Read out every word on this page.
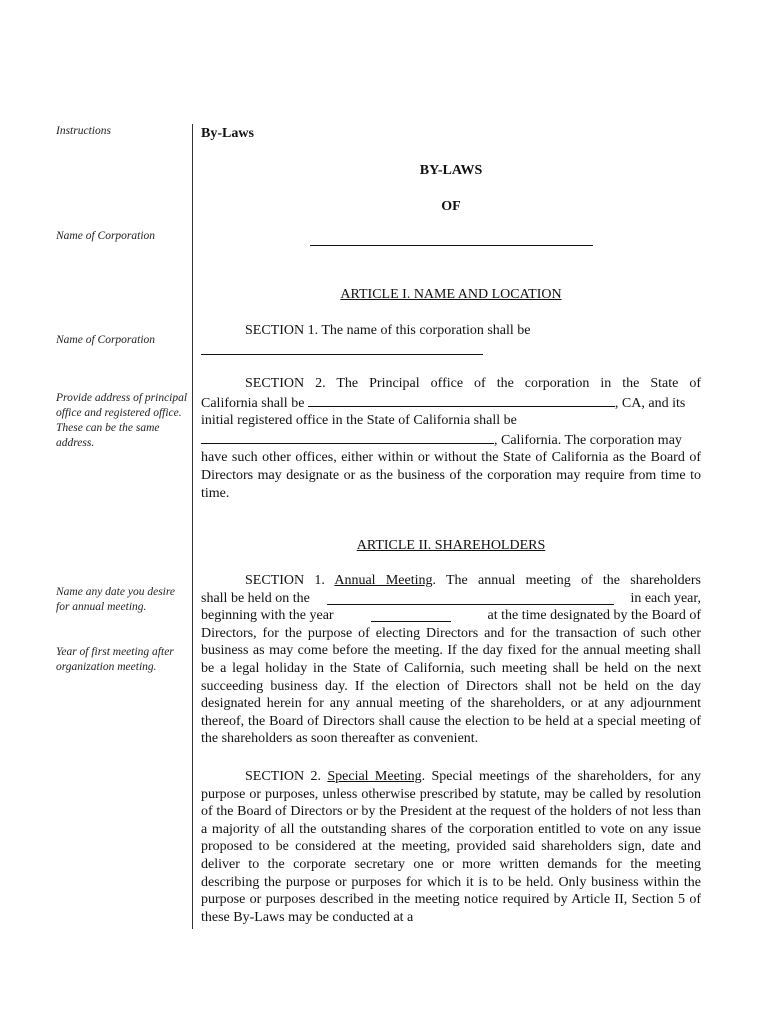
Instructions
Name of Corporation
Name of Corporation
Provide address of principal office and registered office. These can be the same address.
Name any date you desire for annual meeting.
Year of first meeting after organization meeting.
By-Laws
BY-LAWS
OF
ARTICLE I. NAME AND LOCATION
SECTION 1. The name of this corporation shall be

SECTION 2. The Principal office of the corporation in the State of

California shall be	, CA, and its

initial registered office in the State of California shall be

, California. The corporation may

have such other offices, either within or without the State of California as the Board of Directors may designate or as the business of the corporation may require from time to time.

ARTICLE II. SHAREHOLDERS

SECTION 1. Annual Meeting. The annual meeting of the shareholders

shall be held on the	in each year,

beginning with the year	at the time designated by the Board of

Directors, for the purpose of electing Directors and for the transaction of such other business as may come before the meeting. If the day fixed for the annual meeting shall be a legal holiday in the State of California, such meeting shall be held on the next succeeding business day. If the election of Directors shall not be held on the day designated herein for any annual meeting of the shareholders, or at any adjournment thereof, the Board of Directors shall cause the election to be held at a special meeting of the shareholders as soon thereafter as convenient.

SECTION 2. Special Meeting. Special meetings of the shareholders, for any purpose or purposes, unless otherwise prescribed by statute, may be called by resolution of the Board of Directors or by the President at the request of the holders of not less than a majority of all the outstanding shares of the corporation entitled to vote on any issue proposed to be considered at the meeting, provided said shareholders sign, date and deliver to the corporate secretary one or more written demands for the meeting describing the purpose or purposes for which it is to be held. Only business within the purpose or purposes described in the meeting notice required by Article II, Section 5 of these By-Laws may be conducted at a
